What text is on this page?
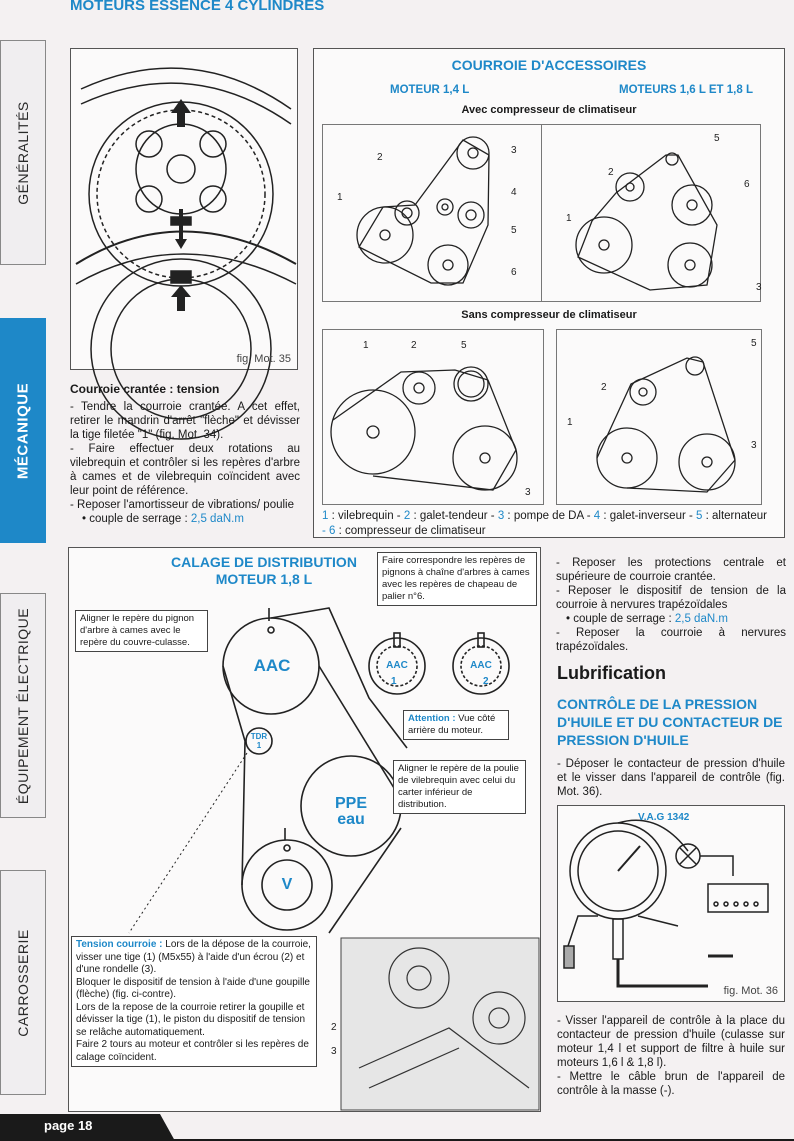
MOTEURS ESSENCE 4 CYLINDRES
GÉNÉRALITÉS
MÉCANIQUE
ÉQUIPEMENT ÉLECTRIQUE
CARROSSERIE
fig. Mot. 35
Courroie crantée : tension

- Tendre la courroie crantée. A cet effet, retirer le mandrin d'arrêt "flèche" et dévisser la tige filetée "1" (fig. Mot. 34).

- Faire effectuer deux rotations au vilebrequin et contrôler si les repères d'arbre à cames et de vilebrequin coïncident avec leur point de référence.

- Reposer l'amortisseur de vibrations/ poulie

• couple de serrage : 2,5 daN.m

COURROIE D'ACCESSOIRES
MOTEUR 1,4 L	MOTEURS 1,6 L ET 1,8 L
Avec compresseur de climatiseur
1
2
3
4
5
6
2
1
5
6
3
Sans compresseur de climatiseur
1	2	5
3
5
2
1
3
1 : vilebrequin - 2 : galet-tendeur - 3 : pompe de DA - 4 : galet-inverseur - 5 : alternateur
- 6 : compresseur de climatiseur
CALAGE DE DISTRIBUTION
MOTEUR 1,8 L
2
3
AAC
TDR
1
PPE
eau
V
AAC	AAC
1	2
Aligner le repère du pignon d'arbre à cames avec le repère du couvre-culasse.
Faire correspondre les repères de pignons à chaîne d'arbres à cames avec les repères de chapeau de palier n°6.
Attention : Vue côté arrière du moteur.
Aligner le repère de la poulie de vilebrequin avec celui du carter inférieur de distribution.
Tension courroie : Lors de la dépose de la courroie, visser une tige (1) (M5x55) à l'aide d'un écrou (2) et d'une rondelle (3).
Bloquer le dispositif de tension à l'aide d'une goupille (flèche) (fig. ci-contre).
Lors de la repose de la courroie retirer la goupille et dévisser la tige (1), le piston du dispositif de tension se relâche automatiquement.
Faire 2 tours au moteur et contrôler si les repères de calage coïncident.

- Reposer les protections centrale et supérieure de courroie crantée.

- Reposer le dispositif de tension de la courroie à nervures trapézoïdales

• couple de serrage : 2,5 daN.m

- Reposer la courroie à nervures trapézoïdales.

Lubrification
CONTRÔLE DE LA PRESSION D'HUILE ET DU CONTACTEUR DE PRESSION D'HUILE
- Déposer le contacteur de pression d'huile et le visser dans l'appareil de contrôle (fig. Mot. 36).
V.A.G 1342
fig. Mot. 36

- Visser l'appareil de contrôle à la place du contacteur de pression d'huile (culasse sur moteur 1,4 l et support de filtre à huile sur moteurs 1,6 l & 1,8 l).

- Mettre le câble brun de l'appareil de contrôle à la masse (-).

page 18
